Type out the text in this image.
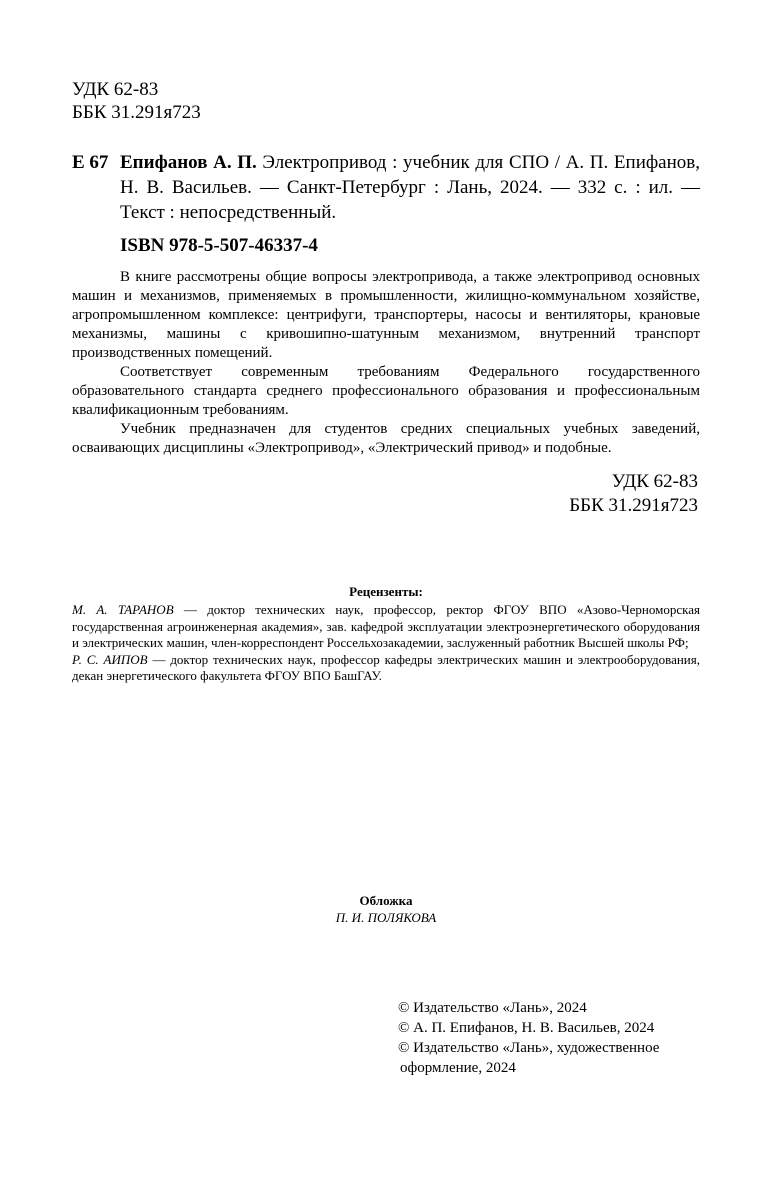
УДК 62-83
ББК 31.291я723
Е 67 Епифанов А. П. Электропривод : учебник для СПО / А. П. Епифанов, Н. В. Васильев. — Санкт-Петербург : Лань, 2024. — 332 с. : ил. — Текст : непосредственный.
ISBN 978-5-507-46337-4

В книге рассмотрены общие вопросы электропривода, а также электропривод основных машин и механизмов, применяемых в промышленности, жилищно-коммунальном хозяйстве, агропромышленном комплексе: центрифуги, транспортеры, насосы и вентиляторы, крановые механизмы, машины с кривошипно-шатунным механизмом, внутренний транспорт производственных помещений.

Соответствует современным требованиям Федерального государственного образовательного стандарта среднего профессионального образования и профессиональным квалификационным требованиям.

Учебник предназначен для студентов средних специальных учебных заведений, осваивающих дисциплины «Электропривод», «Электрический привод» и подобные.

УДК 62-83
ББК 31.291я723
Рецензенты:

М. А. ТАРАНОВ — доктор технических наук, профессор, ректор ФГОУ ВПО «Азово-Черноморская государственная агроинженерная академия», зав. кафедрой эксплуатации электроэнергетического оборудования и электрических машин, член-корреспондент Россельхозакадемии, заслуженный работник Высшей школы РФ;

Р. С. АИПОВ — доктор технических наук, профессор кафедры электрических машин и электрооборудования, декан энергетического факультета ФГОУ ВПО БашГАУ.

Обложка
П. И. ПОЛЯКОВА
© Издательство «Лань», 2024
© А. П. Епифанов, Н. В. Васильев, 2024
© Издательство «Лань», художественное
оформление, 2024
